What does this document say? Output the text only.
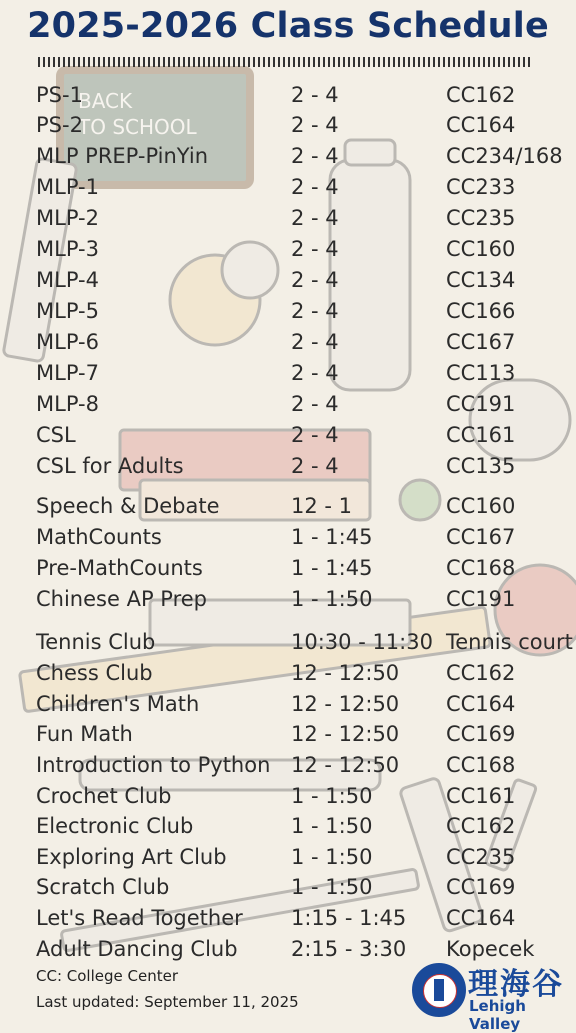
BACK
TO SCHOOL
2025-2026 Class Schedule
PS-1	2 - 4	CC162
PS-2	2 - 4	CC164
MLP PREP-PinYin	2 - 4	CC234/168
MLP-1	2 - 4	CC233
MLP-2	2 - 4	CC235
MLP-3	2 - 4	CC160
MLP-4	2 - 4	CC134
MLP-5	2 - 4	CC166
MLP-6	2 - 4	CC167
MLP-7	2 - 4	CC113
MLP-8	2 - 4	CC191
CSL	2 - 4	CC161
CSL for Adults	2 - 4	CC135
Speech & Debate	12 - 1	CC160
MathCounts	1 - 1:45	CC167
Pre-MathCounts	1 - 1:45	CC168
Chinese AP Prep	1 - 1:50	CC191
Tennis Club	10:30 - 11:30 Tennis court
Chess Club	12 - 12:50 CC162
Children's Math	12 - 12:50 CC164
Fun Math	12 - 12:50 CC169
Introduction to Python 12 - 12:50 CC168
Crochet Club	1 - 1:50	CC161
Electronic Club	1 - 1:50	CC162
Exploring Art Club	1 - 1:50	CC235
Scratch Club	1 - 1:50	CC169
Let's Read Together 1:15 - 1:45 CC164
Adult Dancing Club	2:15 - 3:30 Kopecek
CC: College Center
Last updated: September 11, 2025	理海谷
Lehigh Valley
